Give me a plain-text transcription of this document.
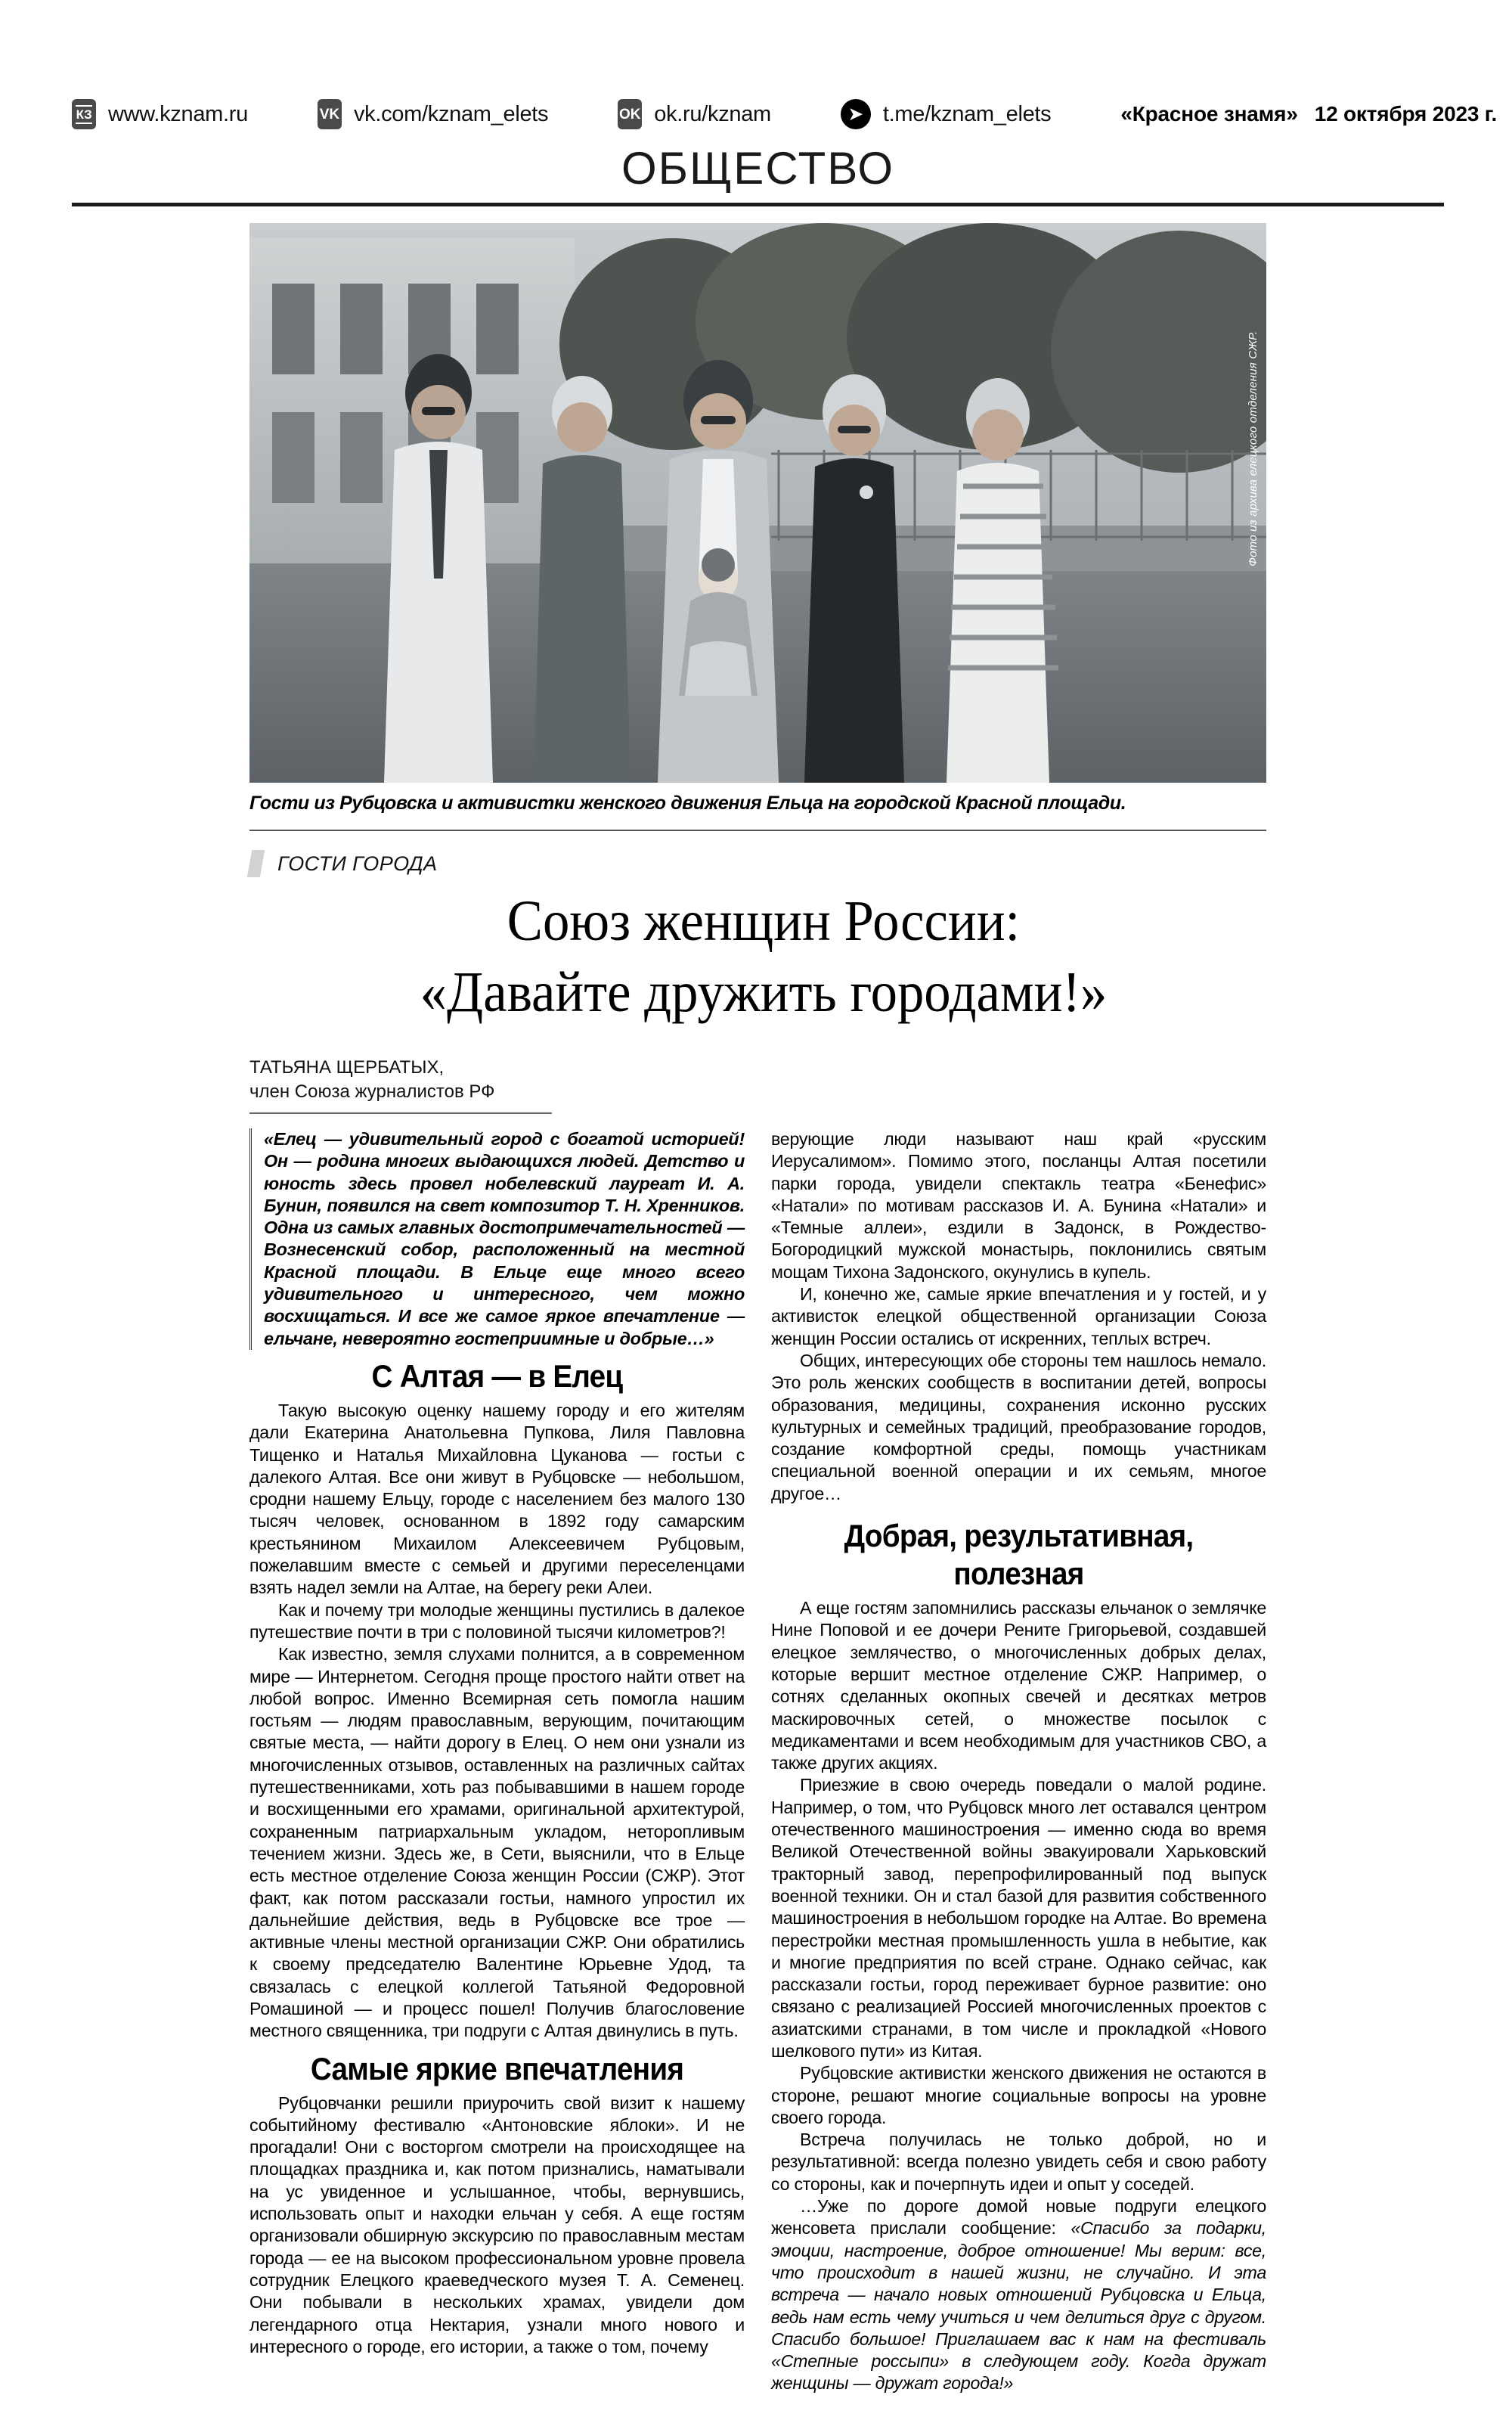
КЗ www.kznam.ru	VK vk.com/kznam_elets	OK ok.ru/kznam	➤ t.me/kznam_elets	«Красное знамя» 12 октября 2023 г.
ОБЩЕСТВО
Фото из архива елецкого отделения СЖР.
Гости из Рубцовска и активистки женского движения Ельца на городской Красной площади.
ГОСТИ ГОРОДА
Союз женщин России:
«Давайте дружить городами!»
ТАТЬЯНА ЩЕРБАТЫХ,
член Союза журналистов РФ

«Елец — удивительный город с богатой историей! Он — родина многих выдающихся людей. Детство и юность здесь провел нобелевский лауреат И. А. Бунин, появился на свет композитор Т. Н. Хренников. Одна из самых главных достопримечательностей — Вознесенский собор, расположенный на местной Красной площади. В Ельце еще много всего удивительного и интересного, чем можно восхищаться. И все же самое яркое впечатление — ельчане, невероятно гостеприимные и добрые…»

С Алтая — в Елец

Такую высокую оценку нашему городу и его жителям дали Екатерина Анатольевна Пупкова, Лиля Павловна Тищенко и Наталья Михайловна Цуканова — гостьи с далекого Алтая. Все они живут в Рубцовске — небольшом, сродни нашему Ельцу, городе с населением без малого 130 тысяч человек, основанном в 1892 году самарским крестьянином Михаилом Алексеевичем Рубцовым, пожелавшим вместе с семьей и другими переселенцами взять надел земли на Алтае, на берегу реки Алеи.

Как и почему три молодые женщины пустились в далекое путешествие почти в три с половиной тысячи километров?!

Как известно, земля слухами полнится, а в современном мире — Интернетом. Сегодня проще простого найти ответ на любой вопрос. Именно Всемирная сеть помогла нашим гостьям — людям православным, верующим, почитающим святые места, — найти дорогу в Елец. О нем они узнали из многочисленных отзывов, оставленных на различных сайтах путешественниками, хоть раз побывавшими в нашем городе и восхищенными его храмами, оригинальной архитектурой, сохраненным патриархальным укладом, неторопливым течением жизни. Здесь же, в Сети, выяснили, что в Ельце есть местное отделение Союза женщин России (СЖР). Этот факт, как потом рассказали гостьи, намного упростил их дальнейшие действия, ведь в Рубцовске все трое — активные члены местной организации СЖР. Они обратились к своему председателю Валентине Юрьевне Удод, та связалась с елецкой коллегой Татьяной Федоровной Ромашиной — и процесс пошел! Получив благословение местного священника, три подруги с Алтая двинулись в путь.

Самые яркие впечатления

Рубцовчанки решили приурочить свой визит к нашему событийному фестивалю «Антоновские яблоки». И не прогадали! Они с восторгом смотрели на происходящее на площадках праздника и, как потом признались, наматывали на ус увиденное и услышанное, чтобы, вернувшись, использовать опыт и находки ельчан у себя. А еще гостям организовали обширную экскурсию по православным местам города — ее на высоком профессиональном уровне провела сотрудник Елецкого краеведческого музея Т. А. Семенец. Они побывали в нескольких храмах, увидели дом легендарного отца Нектария, узнали много нового и интересного о городе, его истории, а также о том, почему

верующие люди называют наш край «русским Иерусалимом». Помимо этого, посланцы Алтая посетили парки города, увидели спектакль театра «Бенефис» «Натали» по мотивам рассказов И. А. Бунина «Натали» и «Темные аллеи», ездили в Задонск, в Рождество-Богородицкий мужской монастырь, поклонились святым мощам Тихона Задонского, окунулись в купель.

И, конечно же, самые яркие впечатления и у гостей, и у активисток елецкой общественной организации Союза женщин России остались от искренних, теплых встреч.

Общих, интересующих обе стороны тем нашлось немало. Это роль женских сообществ в воспитании детей, вопросы образования, медицины, сохранения исконно русских культурных и семейных традиций, преобразование городов, создание комфортной среды, помощь участникам специальной военной операции и их семьям, многое другое…

Добрая, результативная,
полезная

А еще гостям запомнились рассказы ельчанок о землячке Нине Поповой и ее дочери Рените Григорьевой, создавшей елецкое землячество, о многочисленных добрых делах, которые вершит местное отделение СЖР. Например, о сотнях сделанных окопных свечей и десятках метров маскировочных сетей, о множестве посылок с медикаментами и всем необходимым для участников СВО, а также других акциях.

Приезжие в свою очередь поведали о малой родине. Например, о том, что Рубцовск много лет оставался центром отечественного машиностроения — именно сюда во время Великой Отечественной войны эвакуировали Харьковский тракторный завод, перепрофилированный под выпуск военной техники. Он и стал базой для развития собственного машиностроения в небольшом городке на Алтае. Во времена перестройки местная промышленность ушла в небытие, как и многие предприятия по всей стране. Однако сейчас, как рассказали гостьи, город переживает бурное развитие: оно связано с реализацией Россией многочисленных проектов с азиатскими странами, в том числе и прокладкой «Нового шелкового пути» из Китая.

Рубцовские активистки женского движения не остаются в стороне, решают многие социальные вопросы на уровне своего города.

Встреча получилась не только доброй, но и результативной: всегда полезно увидеть себя и свою работу со стороны, как и почерпнуть идеи и опыт у соседей.

…Уже по дороге домой новые подруги елецкого женсовета прислали сообщение: «Спасибо за подарки, эмоции, настроение, доброе отношение! Мы верим: все, что происходит в нашей жизни, не случайно. И эта встреча — начало новых отношений Рубцовска и Ельца, ведь нам есть чему учиться и чем делиться друг с другом. Спасибо большое! Приглашаем вас к нам на фестиваль «Степные россыпи» в следующем году. Когда дружат женщины — дружат города!»
